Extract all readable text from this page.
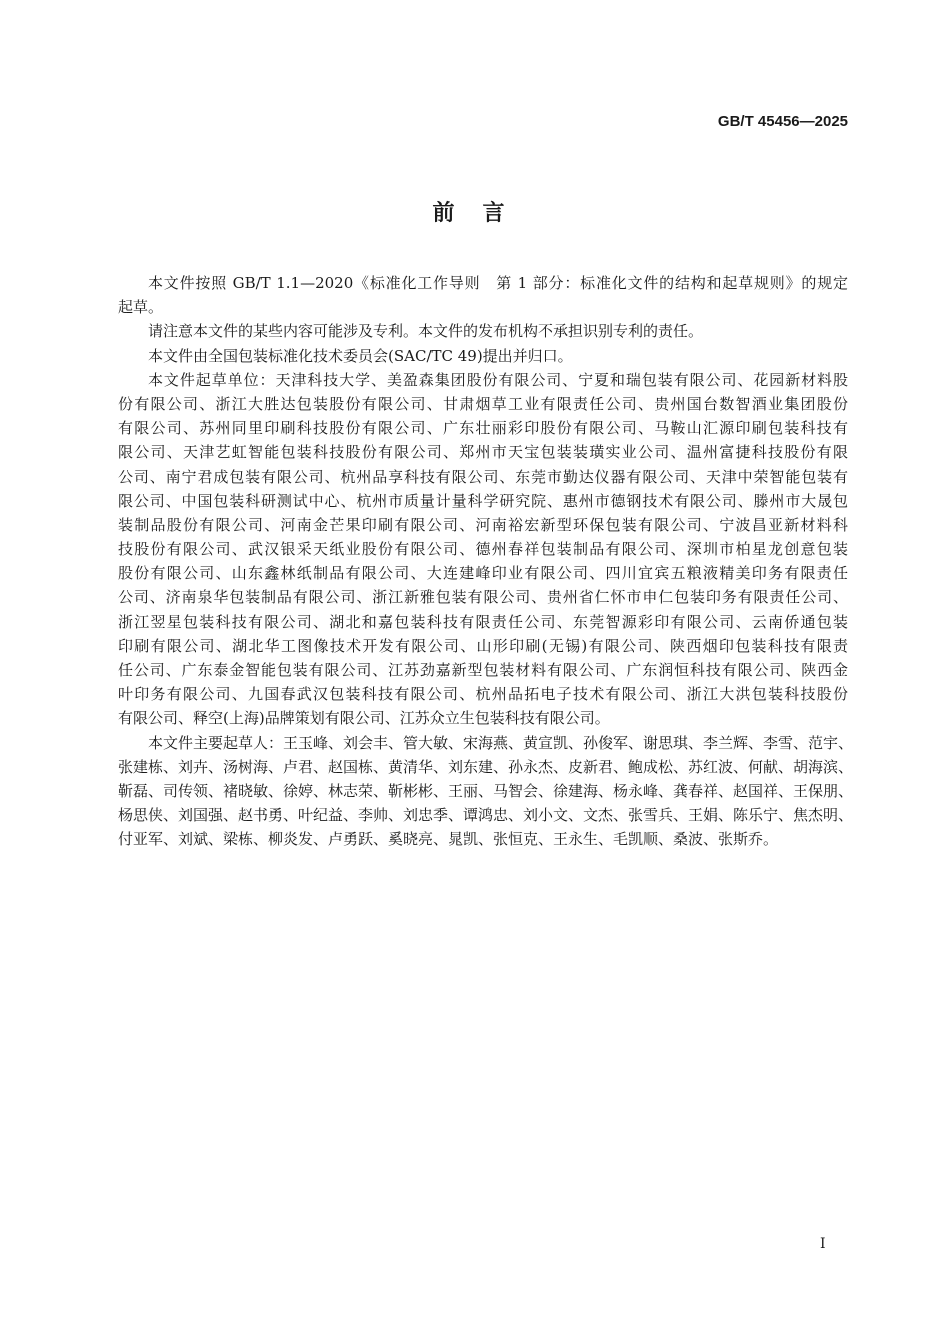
GB/T 45456—2025
前言
本文件按照 GB/T 1.1—2020《标准化工作导则　第 1 部分：标准化文件的结构和起草规则》的规定
起草。
请注意本文件的某些内容可能涉及专利。本文件的发布机构不承担识别专利的责任。
本文件由全国包装标准化技术委员会(SAC/TC 49)提出并归口。
本文件起草单位：天津科技大学、美盈森集团股份有限公司、宁夏和瑞包装有限公司、花园新材料股
份有限公司、浙江大胜达包装股份有限公司、甘肃烟草工业有限责任公司、贵州国台数智酒业集团股份
有限公司、苏州同里印刷科技股份有限公司、广东壮丽彩印股份有限公司、马鞍山汇源印刷包装科技有
限公司、天津艺虹智能包装科技股份有限公司、郑州市天宝包装装璜实业公司、温州富捷科技股份有限
公司、南宁君成包装有限公司、杭州品享科技有限公司、东莞市勤达仪器有限公司、天津中荣智能包装有
限公司、中国包装科研测试中心、杭州市质量计量科学研究院、惠州市德钢技术有限公司、滕州市大晟包
装制品股份有限公司、河南金芒果印刷有限公司、河南裕宏新型环保包装有限公司、宁波昌亚新材料科
技股份有限公司、武汉银采天纸业股份有限公司、德州春祥包装制品有限公司、深圳市柏星龙创意包装
股份有限公司、山东鑫林纸制品有限公司、大连建峰印业有限公司、四川宜宾五粮液精美印务有限责任
公司、济南泉华包装制品有限公司、浙江新雅包装有限公司、贵州省仁怀市申仁包装印务有限责任公司、
浙江翌星包装科技有限公司、湖北和嘉包装科技有限责任公司、东莞智源彩印有限公司、云南侨通包装
印刷有限公司、湖北华工图像技术开发有限公司、山形印刷(无锡)有限公司、陕西烟印包装科技有限责
任公司、广东泰金智能包装有限公司、江苏劲嘉新型包装材料有限公司、广东润恒科技有限公司、陕西金
叶印务有限公司、九国春武汉包装科技有限公司、杭州品拓电子技术有限公司、浙江大洪包装科技股份
有限公司、释空(上海)品牌策划有限公司、江苏众立生包装科技有限公司。
本文件主要起草人：王玉峰、刘会丰、管大敏、宋海燕、黄宣凯、孙俊军、谢思琪、李兰辉、李雪、范宇、
张建栋、刘卉、汤树海、卢君、赵国栋、黄清华、刘东建、孙永杰、皮新君、鲍成松、苏红波、何献、胡海滨、
靳磊、司传领、褚晓敏、徐婷、林志荣、靳彬彬、王丽、马智会、徐建海、杨永峰、龚春祥、赵国祥、王保朋、
杨思侠、刘国强、赵书勇、叶纪益、李帅、刘忠季、谭鸿忠、刘小文、文杰、张雪兵、王娟、陈乐宁、焦杰明、
付亚军、刘斌、梁栋、柳炎发、卢勇跃、奚晓亮、晁凯、张恒克、王永生、毛凯顺、桑波、张斯乔。
I
